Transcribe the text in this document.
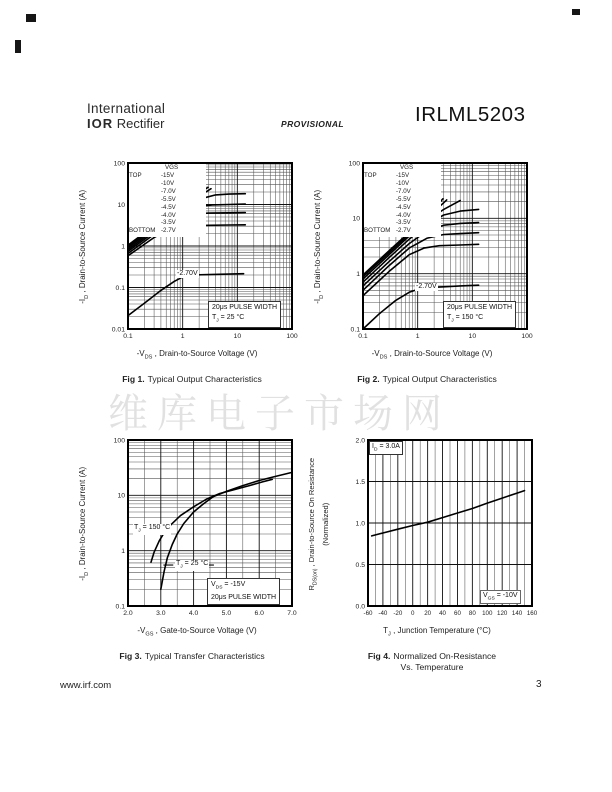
International
IOR Rectifier	PROVISIONAL	IRLML5203
维库电子市场网
$-I_D$ , Drain-to-Source Current (A)
0.1	1	10	100
0.01
0.1
1
10
100
VGS
TOP	-15V
-10V
-7.0V
-5.5V
-4.5V
-4.0V
-3.5V
BOTTOM -2.7V
-2.70V
20μs PULSE WIDTH
$T_J = 25$ °C
$-V_{DS}$ , Drain-to-Source Voltage (V)
Fig 1. Typical Output Characteristics
$-I_D$ , Drain-to-Source Current (A)
0.1	1	10	100
0.1
1
10
100
VGS
TOP	-15V
-10V
-7.0V
-5.5V
-4.5V
-4.0V
-3.5V
BOTTOM -2.7V
-2.70V
20μs PULSE WIDTH
$T_J = 150$ °C
$-V_{DS}$ , Drain-to-Source Voltage (V)
Fig 2. Typical Output Characteristics
$-I_D$ , Drain-to-Source Current (A)
2.0	3.0	4.0	5.0	6.0	7.0
0.1
1
10
100
$T_J = 150$ °C
$T_J = 25$ °C
$V_{DS} = -15V$
20μs PULSE WIDTH
$-V_{GS}$ , Gate-to-Source Voltage (V)
Fig 3. Typical Transfer Characteristics
$R_{DS(on)}$ , Drain-to-Source On Resistance (Normalized)
-60 -40 -20 0 20 40 60 80 100 120 140 160
0.0
0.5
1.0
1.5
2.0
$I_D = 3.0A$
$V_{GS} = -10V$
$T_J$ , Junction Temperature (°C)
Fig 4. Normalized On-Resistance
Vs. Temperature
www.irf.com	3
